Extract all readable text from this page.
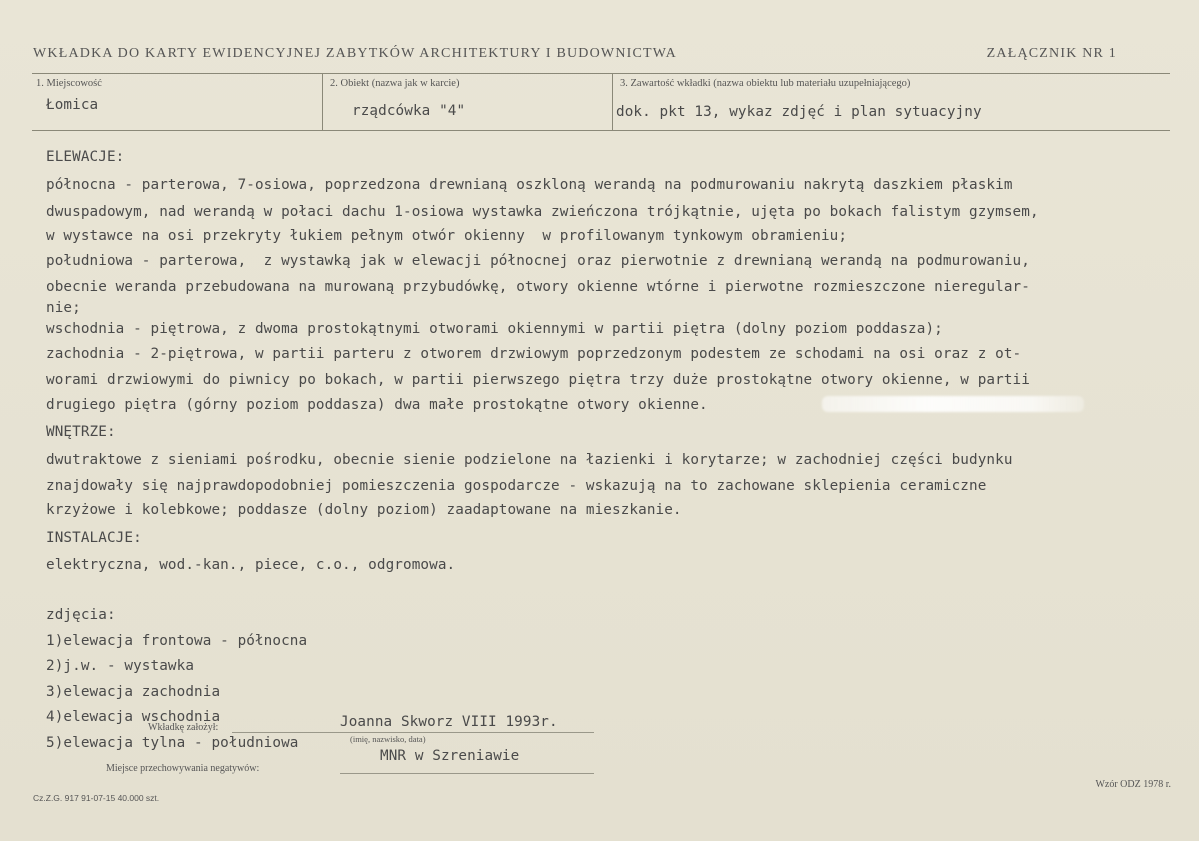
WKŁADKA DO KARTY EWIDENCYJNEJ ZABYTKÓW ARCHITEKTURY I BUDOWNICTWA	ZAŁĄCZNIK NR 1
1. Miejscowość
Łomica
2. Obiekt (nazwa jak w karcie)
rządcówka "4"
3. Zawartość wkładki (nazwa obiektu lub materiału uzupełniającego)
dok. pkt 13, wykaz zdjęć i plan sytuacyjny
ELEWACJE:
północna - parterowa, 7-osiowa, poprzedzona drewnianą oszkloną werandą na podmurowaniu nakrytą daszkiem płaskim
dwuspadowym, nad werandą w połaci dachu 1-osiowa wystawka zwieńczona trójkątnie, ujęta po bokach falistym gzymsem,
w wystawce na osi przekryty łukiem pełnym otwór okienny  w profilowanym tynkowym obramieniu;
południowa - parterowa,  z wystawką jak w elewacji północnej oraz pierwotnie z drewnianą werandą na podmurowaniu,
obecnie weranda przebudowana na murowaną przybudówkę, otwory okienne wtórne i pierwotne rozmieszczone nieregular-
nie;
wschodnia - piętrowa, z dwoma prostokątnymi otworami okiennymi w partii piętra (dolny poziom poddasza);
zachodnia - 2-piętrowa, w partii parteru z otworem drzwiowym poprzedzonym podestem ze schodami na osi oraz z ot-
worami drzwiowymi do piwnicy po bokach, w partii pierwszego piętra trzy duże prostokątne otwory okienne, w partii
drugiego piętra (górny poziom poddasza) dwa małe prostokątne otwory okienne.
WNĘTRZE:
dwutraktowe z sieniami pośrodku, obecnie sienie podzielone na łazienki i korytarze; w zachodniej części budynku
znajdowały się najprawdopodobniej pomieszczenia gospodarcze - wskazują na to zachowane sklepienia ceramiczne
krzyżowe i kolebkowe; poddasze (dolny poziom) zaadaptowane na mieszkanie.
INSTALACJE:
elektryczna, wod.-kan., piece, c.o., odgromowa.
zdjęcia:
1)elewacja frontowa - północna
2)j.w. - wystawka
3)elewacja zachodnia
4)elewacja wschodnia
5)elewacja tylna - południowa
Wkładkę założył:	Joanna Skworz VIII 1993r.
(imię, nazwisko, data)
Miejsce przechowywania negatywów:
MNR w Szreniawie
Cz.Z.G. 917 91-07-15 40.000 szt.
Wzór ODZ 1978 r.
